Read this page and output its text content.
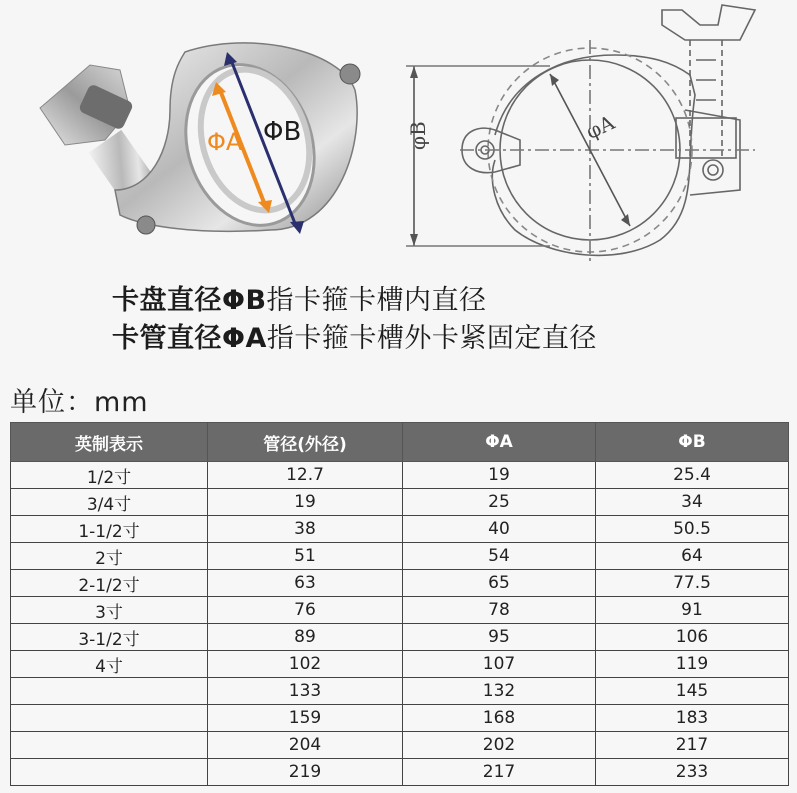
ΦA ΦB	φA
φB
卡盘直径ΦB指卡箍卡槽内直径
卡管直径ΦA指卡箍卡槽外卡紧固定直径
单位：mm
英制表示	管径(外径)	ΦA	ΦB
1/2寸	12.7	19	25.4
3/4寸	19	25	34
1-1/2寸	38	40	50.5
2寸	51	54	64
2-1/2寸	63	65	77.5
3寸	76	78	91
3-1/2寸	89	95	106
4寸	102	107	119
	133	132	145
	159	168	183
	204	202	217
	219	217	233
